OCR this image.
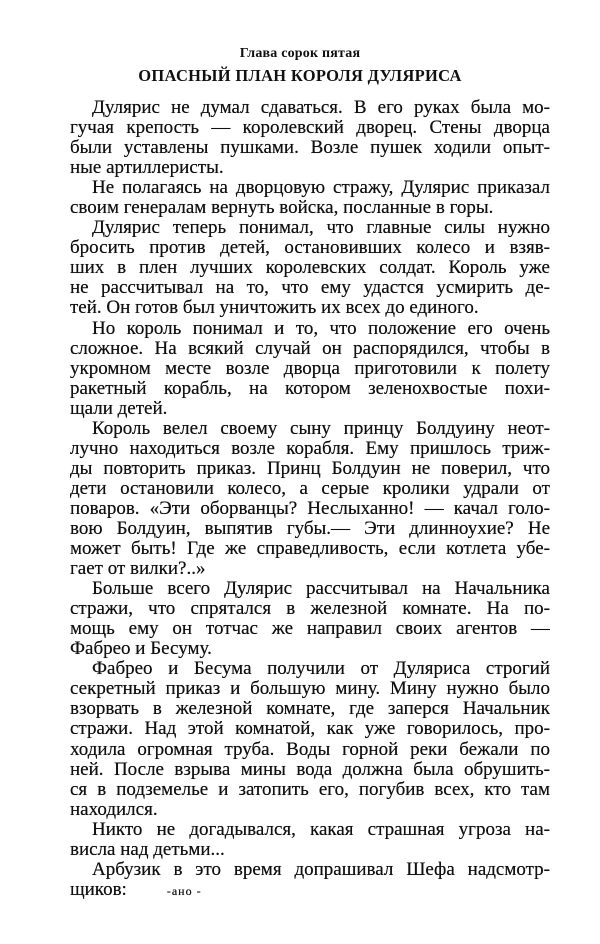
Глава сорок пятая
ОПАСНЫЙ ПЛАН КОРОЛЯ ДУЛЯРИСА
Дулярис не думал сдаваться. В его руках была мо-
гучая крепость — королевский дворец. Стены дворца
были уставлены пушками. Возле пушек ходили опыт-
ные артиллеристы.
Не полагаясь на дворцовую стражу, Дулярис приказал
своим генералам вернуть войска, посланные в горы.
Дулярис теперь понимал, что главные силы нужно
бросить против детей, остановивших колесо и взяв-
ших в плен лучших королевских солдат. Король уже
не рассчитывал на то, что ему удастся усмирить де-
тей. Он готов был уничтожить их всех до единого.
Но король понимал и то, что положение его очень
сложное. На всякий случай он распорядился, чтобы в
укромном месте возле дворца приготовили к полету
ракетный корабль, на котором зеленохвостые похи-
щали детей.
Король велел своему сыну принцу Болдуину неот-
лучно находиться возле корабля. Ему пришлось триж-
ды повторить приказ. Принц Болдуин не поверил, что
дети остановили колесо, а серые кролики удрали от
поваров. «Эти оборванцы? Неслыханно! — качал голо-
вою Болдуин, выпятив губы.— Эти длинноухие? Не
может быть! Где же справедливость, если котлета убе-
гает от вилки?..»
Больше всего Дулярис рассчитывал на Начальника
стражи, что спрятался в железной комнате. На по-
мощь ему он тотчас же направил своих агентов —
Фабрео и Бесуму.
Фабрео и Бесума получили от Дуляриса строгий
секретный приказ и большую мину. Мину нужно было
взорвать в железной комнате, где заперся Начальник
стражи. Над этой комнатой, как уже говорилось, про-
ходила огромная труба. Воды горной реки бежали по
ней. После взрыва мины вода должна была обрушить-
ся в подземелье и затопить его, погубив всех, кто там
находился.
Никто не догадывался, какая страшная угроза на-
висла над детьми...
Арбузик в это время допрашивал Шефа надсмотр-
щиков:	-ано -
